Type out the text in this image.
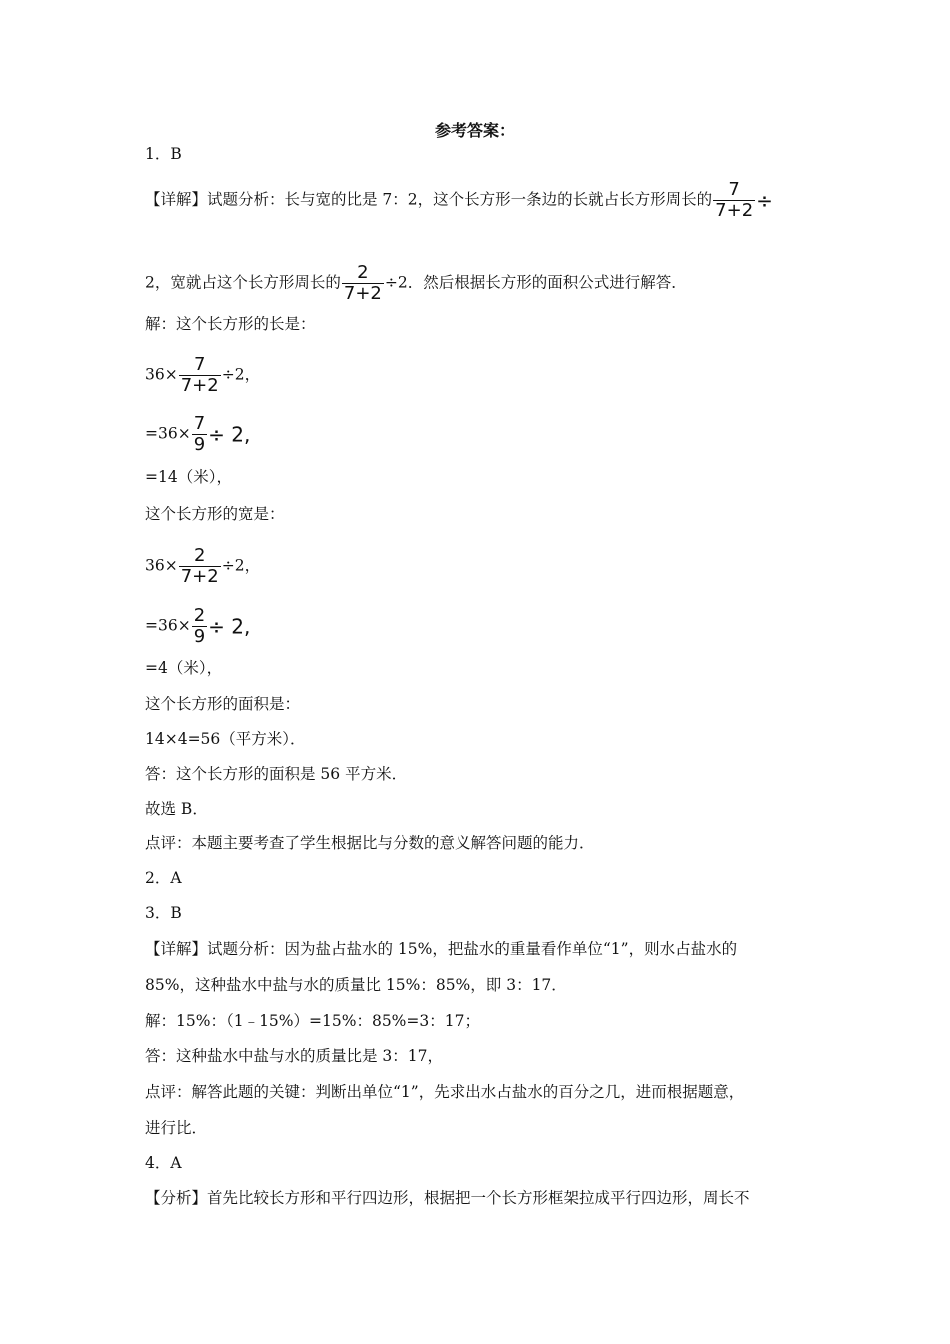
参考答案：
1．B
【详解】试题分析：长与宽的比是 7：2，这个长方形一条边的长就占长方形周长的 $\frac{7}{7+2}$ ÷
2，宽就占这个长方形周长的 $\frac{2}{7+2} \div 2$．然后根据长方形的面积公式进行解答．
解：这个长方形的长是：
$36\times \frac{7}{7+2} \div 2$，
$=36\times \frac{7}{9} \div 2$,
=14（米），
这个长方形的宽是：
$36\times \frac{2}{7+2} \div 2$，
$=36\times \frac{2}{9} \div 2$,
=4（米），
这个长方形的面积是：
14×4=56（平方米）．
答：这个长方形的面积是 56 平方米．
故选 B．
点评：本题主要考查了学生根据比与分数的意义解答问题的能力．
2．A
3．B
【详解】试题分析：因为盐占盐水的 15%，把盐水的重量看作单位“1”，则水占盐水的
85%，这种盐水中盐与水的质量比 15%：85%，即 3：17．
解：15%：（1﹣15%）=15%：85%=3：17；
答：这种盐水中盐与水的质量比是 3：17，
点评：解答此题的关键：判断出单位“1”，先求出水占盐水的百分之几，进而根据题意，
进行比．
4．A
【分析】首先比较长方形和平行四边形，根据把一个长方形框架拉成平行四边形，周长不
